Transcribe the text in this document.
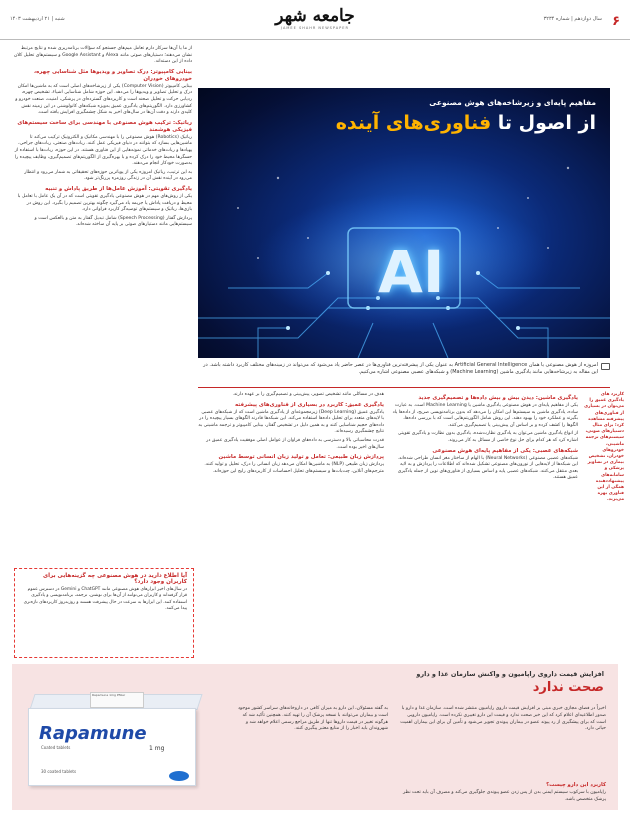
۶
سال دوازدهم | شماره ۳۲۳۴
جامعه شهر
JAMEE SHAHR NEWSPAPER
شنبه | ۲۱ اردیبهشت ۱۴۰۳

از ما یا آن‌ها سرکار دارم تعامل میم‌های جستجو که سؤالات برنامه‌ریزی شده و نتایج مرتبط نشان می‌دهند؛ دستیارهای صوتی مانند Alexa و Google Assistant و سیستم‌های تحلیل کلان داده از این دسته‌اند.

بینایی کامپیوتر: درک تصاویر و ویدیوها مثل شناسایی چهره، خودروهای خودران

بینایی کامپیوتر (Computer Vision) یکی از زیرشاخه‌های اصلی است که به ماشین‌ها امکان درک و تحلیل تصاویر و ویدیوها را می‌دهد. این حوزه شامل شناسایی اشیاء، تشخیص چهره، ردیابی حرکت و تحلیل صحنه است و کاربردهای گسترده‌ای در پزشکی، امنیت، صنعت خودرو و کشاورزی دارد. الگوریتم‌های یادگیری عمیق به‌ویژه شبکه‌های کانولوشنی در این زمینه نقش کلیدی دارند و دقت آن‌ها در سال‌های اخیر به شکل چشمگیری افزایش یافته است.

رباتیک: ترکیب هوش مصنوعی با مهندسی برای ساخت سیستم‌های فیزیکی هوشمند

رباتیک (Robotics) هوش مصنوعی را با مهندسی مکانیک و الکترونیک ترکیب می‌کند تا ماشین‌هایی بسازد که بتوانند در دنیای فیزیکی عمل کنند. ربات‌های صنعتی، ربات‌های جراحی، پهپادها و ربات‌های خدماتی نمونه‌هایی از این فناوری هستند. در این حوزه، ربات‌ها با استفاده از حسگرها محیط خود را درک کرده و با بهره‌گیری از الگوریتم‌های تصمیم‌گیری، وظایف پیچیده را به‌صورت خودکار انجام می‌دهند.

به این ترتیب، رباتیک امروزه یکی از پویاترین حوزه‌های تحقیقاتی به شمار می‌رود و انتظار می‌رود در آینده نقش آن در زندگی روزمره پررنگ‌تر شود.

یادگیری تقویتی: آموزش عامل‌ها از طریق پاداش و تنبیه

یکی از روش‌های مهم در هوش مصنوعی یادگیری تقویتی است که در آن یک عامل با تعامل با محیط و دریافت پاداش یا جریمه یاد می‌گیرد چگونه بهترین تصمیم را بگیرد. این روش در بازی‌ها، رباتیک و سیستم‌های توصیه‌گر کاربرد فراوانی دارد.

پردازش گفتار (Speech Processing) شامل تبدیل گفتار به متن و بالعکس است و سیستم‌هایی مانند دستیارهای صوتی بر پایه آن ساخته شده‌اند.

آیا اطلاع دارید در هوش مصنوعی چه گزینه‌هایی برای کاربران وجود دارد؟
در سال‌های اخیر ابزارهای هوش مصنوعی مانند ChatGPT و Gemini در دسترس عموم قرار گرفته‌اند و کاربران می‌توانند از آن‌ها برای نوشتن، ترجمه، برنامه‌نویسی و یادگیری استفاده کنند. این ابزارها به سرعت در حال پیشرفت هستند و روزبه‌روز کاربردهای تازه‌تری پیدا می‌کنند.
مفاهیم پایه‌ای و زیرشاخه‌های هوش مصنوعی
از اصول تا فناوری‌های آینده
AI
امروزه از هوش مصنوعی یا همان Artificial General Intelligence به عنوان یکی از پیشرفته‌ترین فناوری‌ها در عصر حاضر یاد می‌شود که می‌تواند در زمینه‌های مختلف کاربرد داشته باشد. در این مقاله به زیرشاخه‌هایی مانند یادگیری ماشین (Machine Learning) و شبکه‌های عصبی مصنوعی اشاره می‌کنیم.
کاربرد های یادگیری عمیق را می‌توان در بسیاری از فناوری‌های پیشرفته مشاهده کرد؛ برای مثال دستیارهای صوتی، سیستم‌های ترجمه ماشینی، خودروهای خودران، تشخیص بیماری در تصاویر پزشکی و سامانه‌های پیشنهاددهنده همگی از این فناوری بهره می‌برند.
یادگیری ماشین: دیدن بیش و بیش داده‌ها و تصمیم‌گیری جدید

یکی از مفاهیم پایه‌ای در هوش مصنوعی یادگیری ماشین یا Machine Learning است. به عبارت ساده، یادگیری ماشین به سیستم‌ها این امکان را می‌دهد که بدون برنامه‌نویسی صریح، از داده‌ها یاد بگیرند و عملکرد خود را بهبود دهند. این روش شامل الگوریتم‌هایی است که با بررسی داده‌ها، الگوها را کشف کرده و بر اساس آن پیش‌بینی یا تصمیم‌گیری می‌کنند.

از انواع یادگیری ماشین می‌توان به یادگیری نظارت‌شده، یادگیری بدون نظارت و یادگیری تقویتی اشاره کرد که هر کدام برای حل نوع خاصی از مسائل به کار می‌روند.

شبکه‌های عصبی: یکی از مفاهیم پایه‌ای هوش مصنوعی

شبکه‌های عصبی مصنوعی (Neural Networks) با الهام از ساختار مغز انسان طراحی شده‌اند. این شبکه‌ها از لایه‌هایی از نورون‌های مصنوعی تشکیل شده‌اند که اطلاعات را پردازش و به لایه بعدی منتقل می‌کنند. شبکه‌های عصبی پایه و اساس بسیاری از فناوری‌های نوین از جمله یادگیری عمیق هستند.

هدف در مسائلی مانند تشخیص تصویر، پیش‌بینی و تصمیم‌گیری را بر عهده دارند.

یادگیری عمیق: کاربرد در بسیاری از فناوری‌های پیشرفته

یادگیری عمیق (Deep Learning) زیرمجموعه‌ای از یادگیری ماشین است که از شبکه‌های عصبی با لایه‌های متعدد برای تحلیل داده‌ها استفاده می‌کند. این شبکه‌ها قادرند الگوهای بسیار پیچیده را در داده‌های حجیم شناسایی کنند و به همین دلیل در تشخیص گفتار، بینایی کامپیوتر و ترجمه ماشینی به نتایج چشمگیری رسیده‌اند.

قدرت محاسباتی بالا و دسترسی به داده‌های فراوان از عوامل اصلی موفقیت یادگیری عمیق در سال‌های اخیر بوده است.

پردازش زبان طبیعی: تعامل و تولید زبان انسانی توسط ماشین

پردازش زبان طبیعی (NLP) به ماشین‌ها امکان می‌دهد زبان انسانی را درک، تحلیل و تولید کنند. مترجم‌های آنلاین، چت‌بات‌ها و سیستم‌های تحلیل احساسات از کاربردهای رایج این حوزه‌اند.

افزایش قیمت داروی راپامیون و واکنش سازمان غذا و دارو
صحت ندارد
اخیراً در فضای مجازی خبری مبنی بر افزایش قیمت داروی راپامیون منتشر شده است. سازمان غذا و دارو با صدور اطلاعیه‌ای اعلام کرد که این خبر صحت ندارد و قیمت این دارو تغییری نکرده است. راپامیون دارویی است که برای پیشگیری از رد پیوند عضو در بیماران پیوندی تجویز می‌شود و تأمین آن برای این بیماران اهمیت حیاتی دارد.
به گفته مسئولان، این دارو به میزان کافی در داروخانه‌های سراسر کشور موجود است و بیماران می‌توانند با نسخه پزشک آن را تهیه کنند. همچنین تأکید شد که هرگونه تغییر در قیمت داروها تنها از طریق مراجع رسمی اعلام خواهد شد و شهروندان باید اخبار را از منابع معتبر پیگیری کنند.
کاربرد این دارو چیست؟
راپامیون با سرکوب سیستم ایمنی بدن از پس زدن عضو پیوندی جلوگیری می‌کند و مصرف آن باید تحت نظر پزشک متخصص باشد.
Rapamune 1mg Pfizer
Rapamune
Coated tablets	1 mg
30 coated tablets
